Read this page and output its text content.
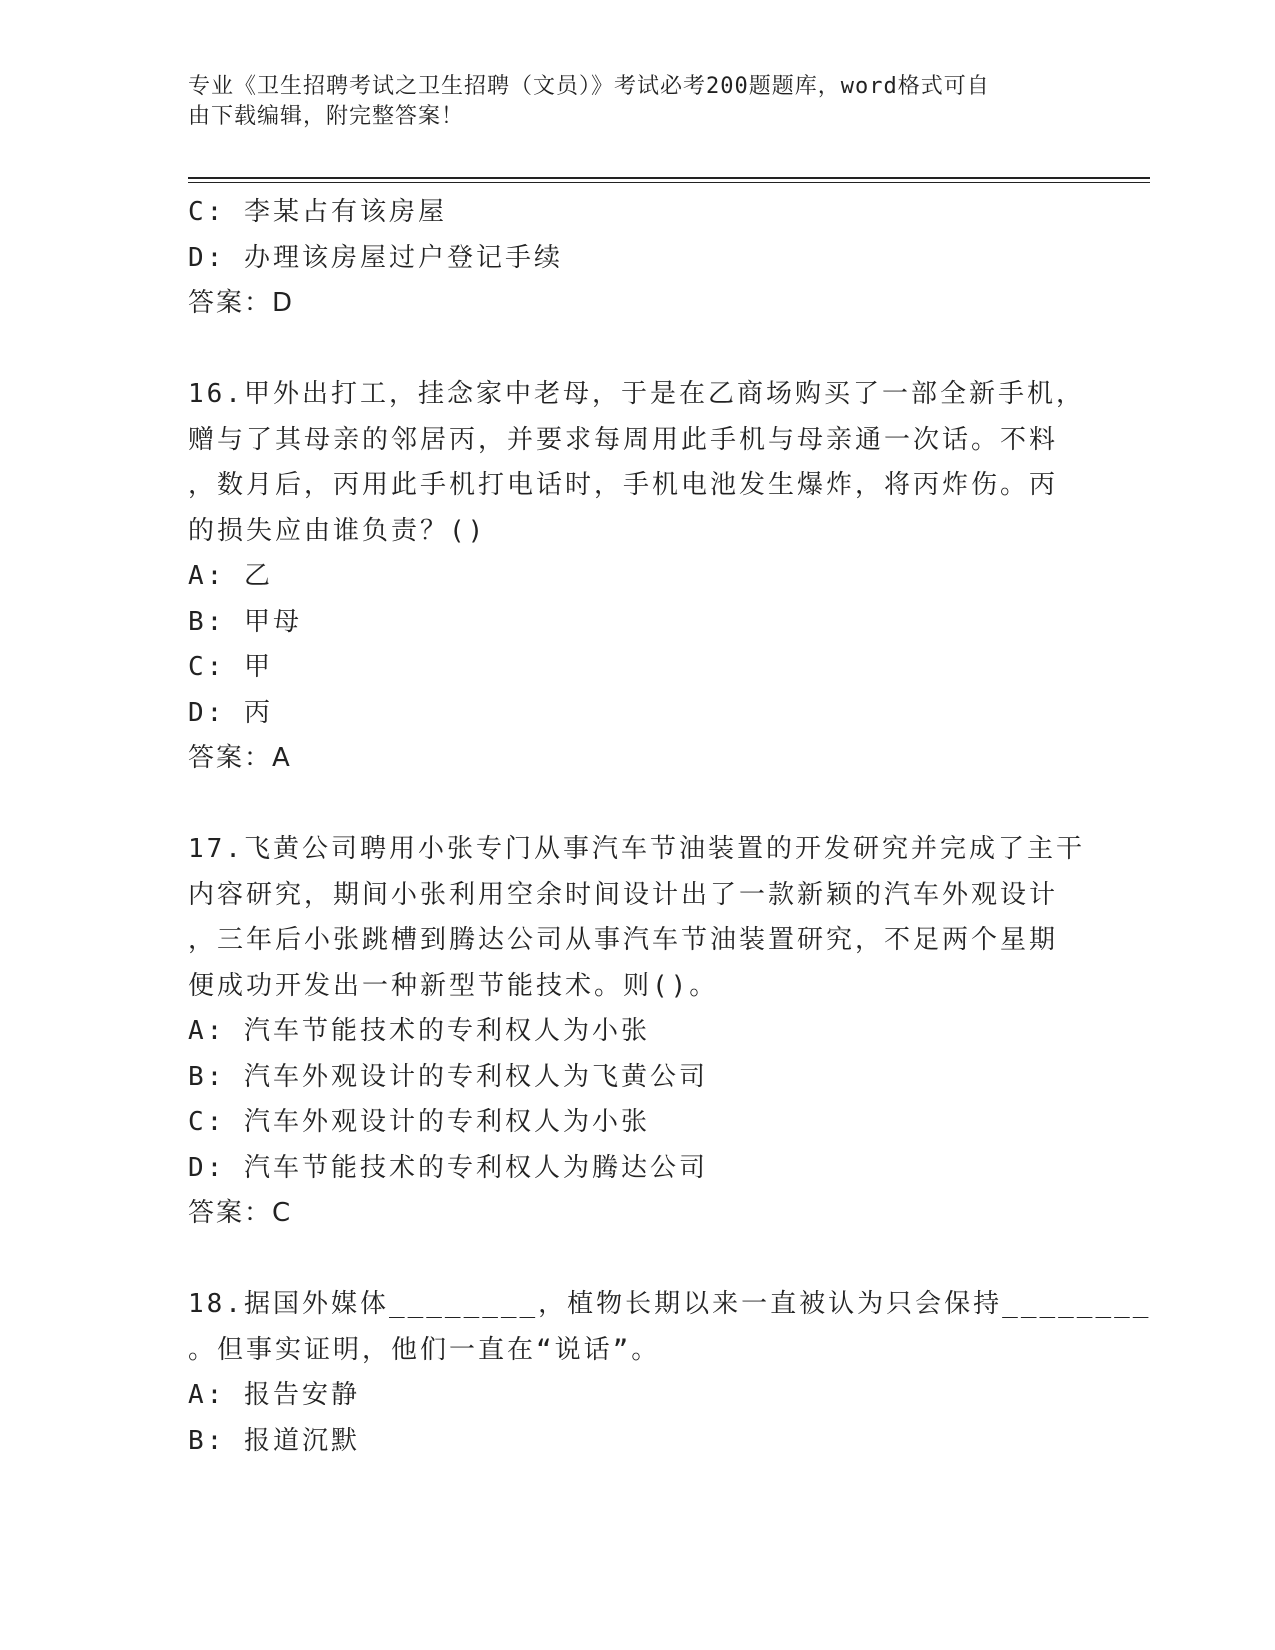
专业《卫生招聘考试之卫生招聘（文员）》考试必考200题题库，word格式可自
由下载编辑，附完整答案！
C: 李某占有该房屋
D: 办理该房屋过户登记手续
答案：D
16.甲外出打工，挂念家中老母，于是在乙商场购买了一部全新手机，
赠与了其母亲的邻居丙，并要求每周用此手机与母亲通一次话。不料
，数月后，丙用此手机打电话时，手机电池发生爆炸，将丙炸伤。丙
的损失应由谁负责？()
A: 乙
B: 甲母
C: 甲
D: 丙
答案：A
17.飞黄公司聘用小张专门从事汽车节油装置的开发研究并完成了主干
内容研究，期间小张利用空余时间设计出了一款新颖的汽车外观设计
，三年后小张跳槽到腾达公司从事汽车节油装置研究，不足两个星期
便成功开发出一种新型节能技术。则()。
A: 汽车节能技术的专利权人为小张
B: 汽车外观设计的专利权人为飞黄公司
C: 汽车外观设计的专利权人为小张
D: 汽车节能技术的专利权人为腾达公司
答案：C
18.据国外媒体________，植物长期以来一直被认为只会保持________
。但事实证明，他们一直在“说话”。
A: 报告安静
B: 报道沉默
